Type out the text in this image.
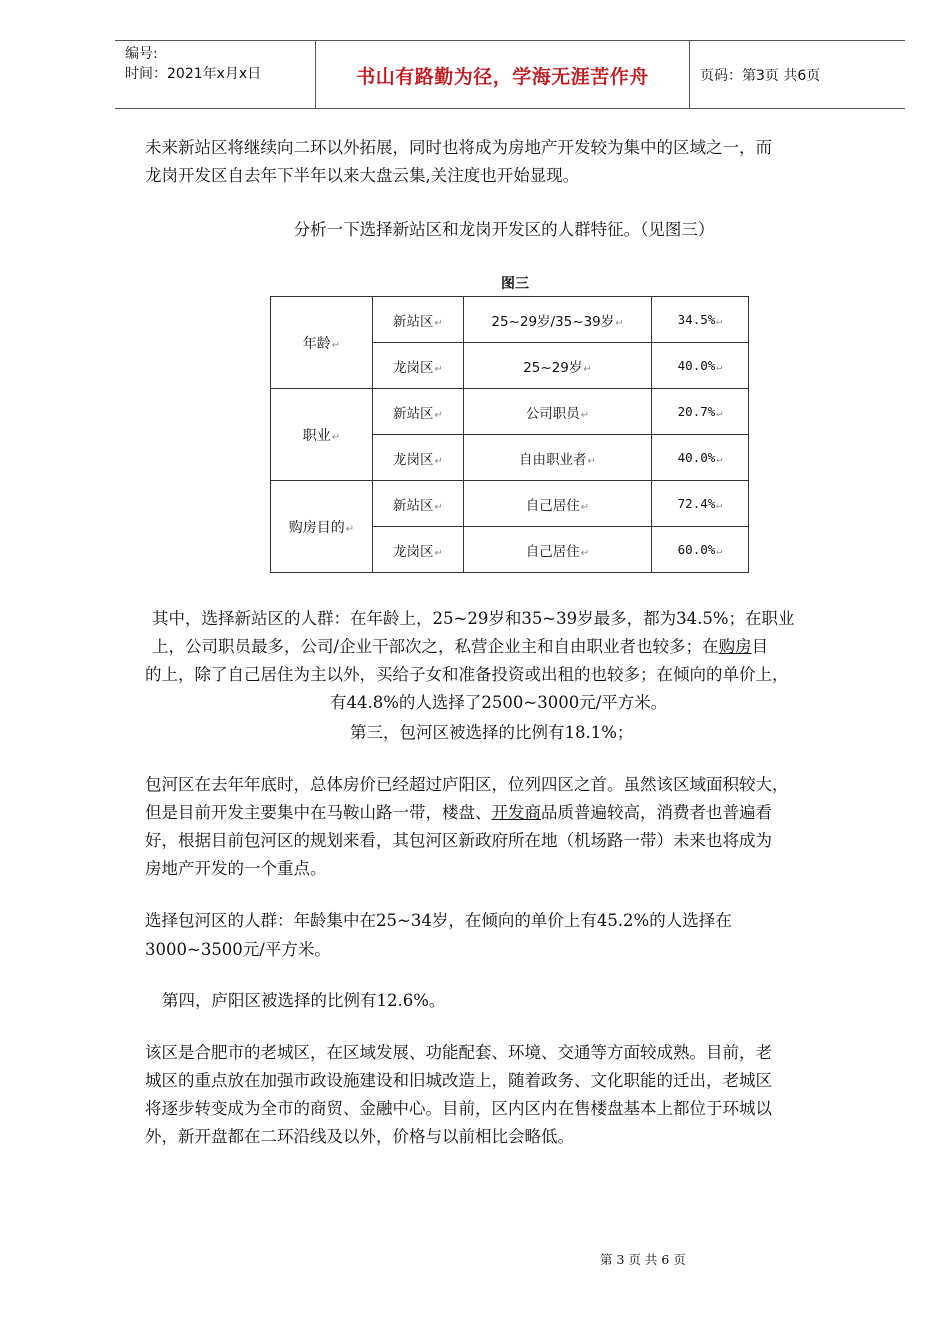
编号:
时间：2021年x月x日	书山有路勤为径，学海无涯苦作舟	页码：第3页 共6页
未来新站区将继续向二环以外拓展，同时也将成为房地产开发较为集中的区域之一，而
龙岗开发区自去年下半年以来大盘云集,关注度也开始显现。
分析一下选择新站区和龙岗开发区的人群特征。（见图三）
图三
年龄↵	新站区↵	25~29岁/35~39岁↵	34.5%↵
	龙岗区↵	25~29岁↵	40.0%↵
职业↵	新站区↵	公司职员↵	20.7%↵
	龙岗区↵	自由职业者↵	40.0%↵
购房目的↵	新站区↵	自己居住↵	72.4%↵
	龙岗区↵	自己居住↵	60.0%↵
其中，选择新站区的人群：在年龄上，25~29岁和35~39岁最多，都为34.5%；在职业
上，公司职员最多，公司/企业干部次之，私营企业主和自由职业者也较多；在购房目
的上，除了自己居住为主以外，买给子女和准备投资或出租的也较多；在倾向的单价上，
有44.8%的人选择了2500~3000元/平方米。
第三，包河区被选择的比例有18.1%；
包河区在去年年底时，总体房价已经超过庐阳区，位列四区之首。虽然该区域面积较大，
但是目前开发主要集中在马鞍山路一带，楼盘、开发商品质普遍较高，消费者也普遍看
好，根据目前包河区的规划来看，其包河区新政府所在地（机场路一带）未来也将成为
房地产开发的一个重点。
选择包河区的人群：年龄集中在25~34岁，在倾向的单价上有45.2%的人选择在
3000~3500元/平方米。
第四，庐阳区被选择的比例有12.6%。
该区是合肥市的老城区，在区域发展、功能配套、环境、交通等方面较成熟。目前，老
城区的重点放在加强市政设施建设和旧城改造上，随着政务、文化职能的迁出，老城区
将逐步转变成为全市的商贸、金融中心。目前，区内区内在售楼盘基本上都位于环城以
外，新开盘都在二环沿线及以外，价格与以前相比会略低。
第 3 页 共 6 页
